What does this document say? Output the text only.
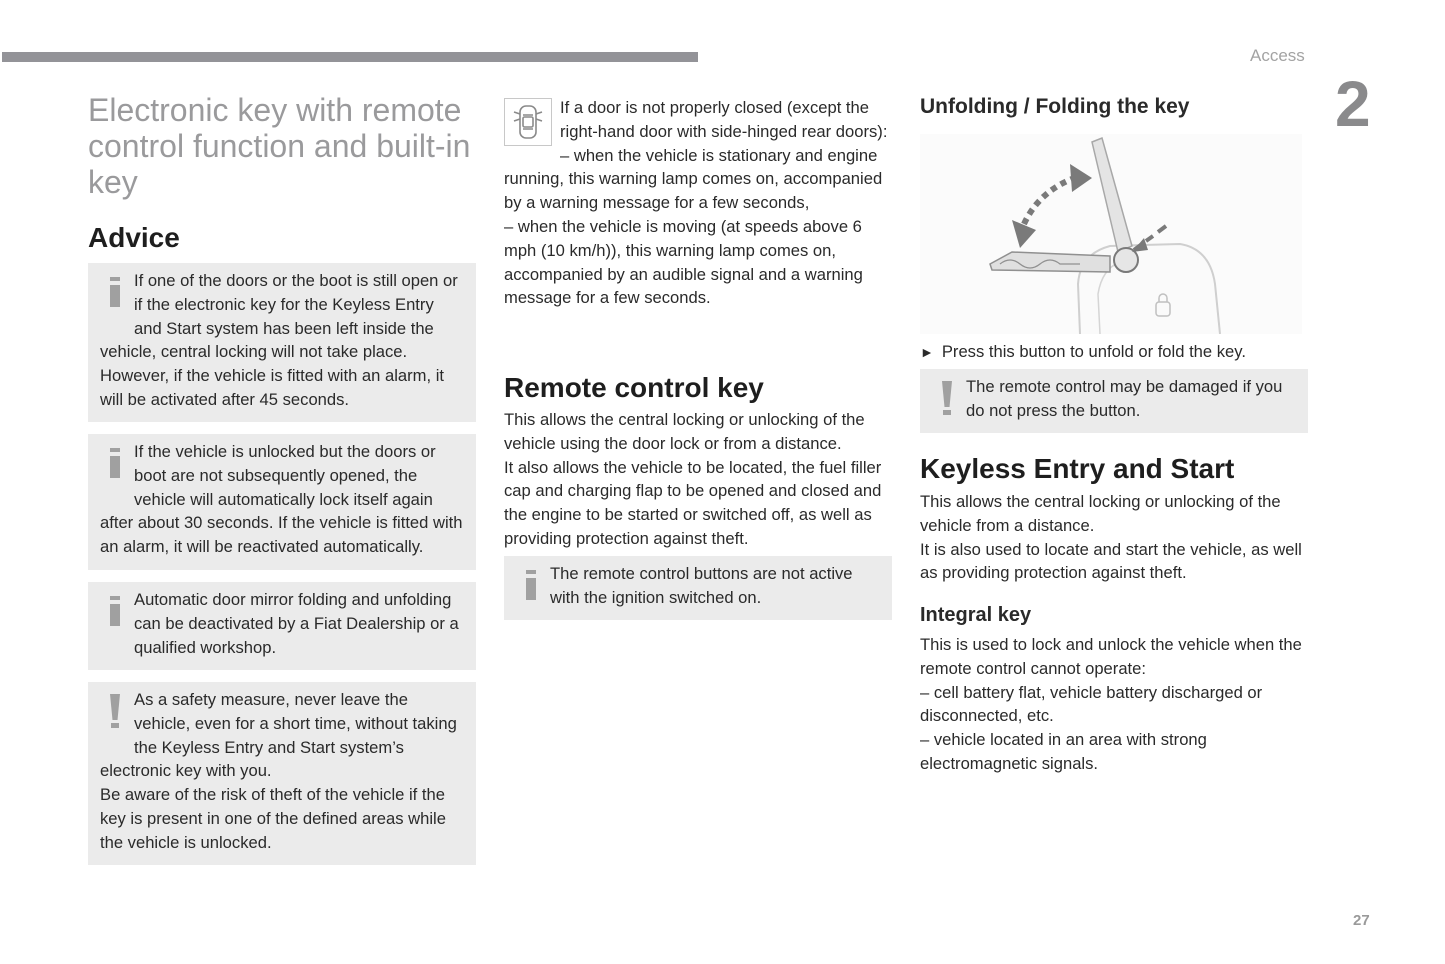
Access
2
Electronic key with remote control function and built-in key
Advice
If one of the doors or the boot is still open or if the electronic key for the Keyless Entry and Start system has been left inside the vehicle, central locking will not take place. However, if the vehicle is fitted with an alarm, it will be activated after 45 seconds.
If the vehicle is unlocked but the doors or boot are not subsequently opened, the vehicle will automatically lock itself again after about 30 seconds. If the vehicle is fitted with an alarm, it will be reactivated automatically.
Automatic door mirror folding and unfolding can be deactivated by a Fiat Dealership or a qualified workshop.
As a safety measure, never leave the vehicle, even for a short time, without taking the Keyless Entry and Start system’s electronic key with you.
Be aware of the risk of theft of the vehicle if the key is present in one of the defined areas while the vehicle is unlocked.

If a door is not properly closed (except the right-hand door with side-hinged rear doors):

– when the vehicle is stationary and engine running, this warning lamp comes on, accompanied by a warning message for a few seconds,

– when the vehicle is moving (at speeds above 6 mph (10 km/h)), this warning lamp comes on, accompanied by an audible signal and a warning message for a few seconds.

Remote control key

This allows the central locking or unlocking of the vehicle using the door lock or from a distance.

It also allows the vehicle to be located, the fuel filler cap and charging flap to be opened and closed and the engine to be started or switched off, as well as providing protection against theft.

The remote control buttons are not active with the ignition switched on.
Unfolding / Folding the key
► Press this button to unfold or fold the key.
The remote control may be damaged if you do not press the button.
Keyless Entry and Start

This allows the central locking or unlocking of the vehicle from a distance.

It is also used to locate and start the vehicle, as well as providing protection against theft.

Integral key

This is used to lock and unlock the vehicle when the remote control cannot operate:

– cell battery flat, vehicle battery discharged or disconnected, etc.

– vehicle located in an area with strong electromagnetic signals.

27
